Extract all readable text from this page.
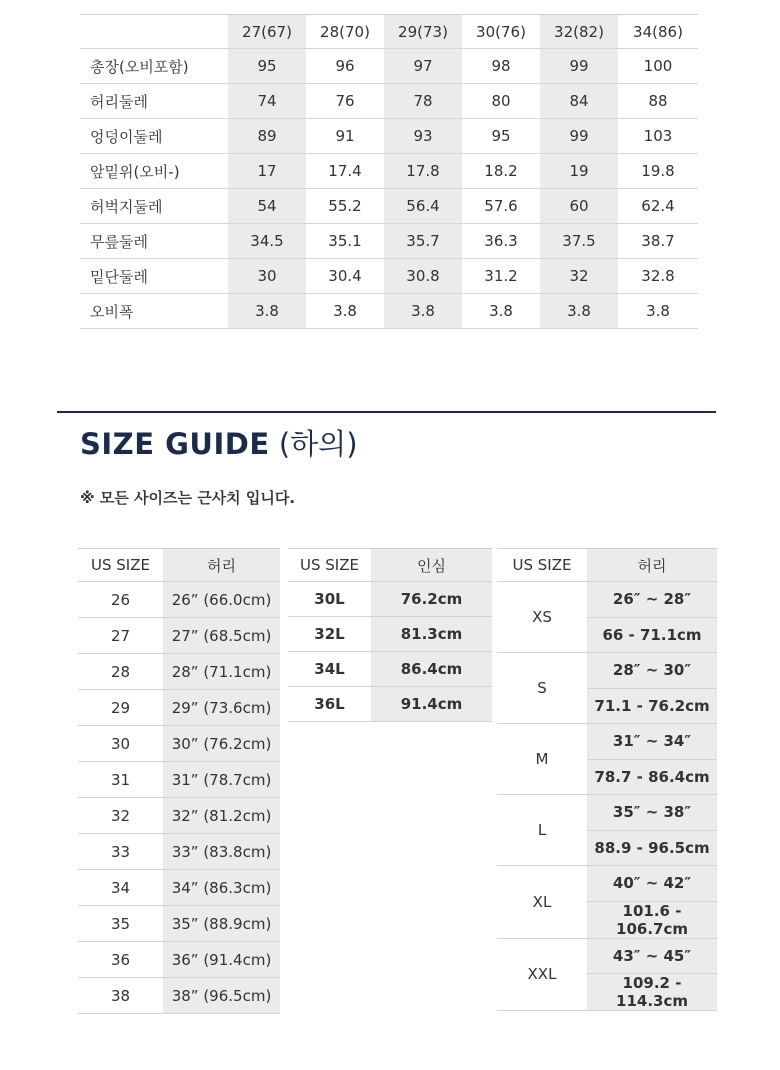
	27(67)	28(70)	29(73)	30(76)	32(82)	34(86)
총장(오비포함)	95	96	97	98	99	100
허리둘레	74	76	78	80	84	88
엉덩이둘레	89	91	93	95	99	103
앞밑위(오비-)	17	17.4	17.8	18.2	19	19.8
허벅지둘레	54	55.2	56.4	57.6	60	62.4
무릎둘레	34.5	35.1	35.7	36.3	37.5	38.7
밑단둘레	30	30.4	30.8	31.2	32	32.8
오비폭	3.8	3.8	3.8	3.8	3.8	3.8
SIZE GUIDE (하의)
※ 모든 사이즈는 근사치 입니다.
US SIZE	허리
26	26” (66.0cm)
27	27” (68.5cm)
28	28” (71.1cm)
29	29” (73.6cm)
30	30” (76.2cm)
31	31” (78.7cm)
32	32” (81.2cm)
33	33” (83.8cm)
34	34” (86.3cm)
35	35” (88.9cm)
36	36” (91.4cm)
38	38” (96.5cm)
US SIZE	인심
30L	76.2cm
32L	81.3cm
34L	86.4cm
36L	91.4cm
US SIZE	허리
XS	26″ ~ 28″
	66 - 71.1cm
S	28″ ~ 30″
	71.1 - 76.2cm
M	31″ ~ 34″
	78.7 - 86.4cm
L	35″ ~ 38″
	88.9 - 96.5cm
XL	40″ ~ 42″
	101.6 - 106.7cm
XXL	43″ ~ 45″
	109.2 - 114.3cm
